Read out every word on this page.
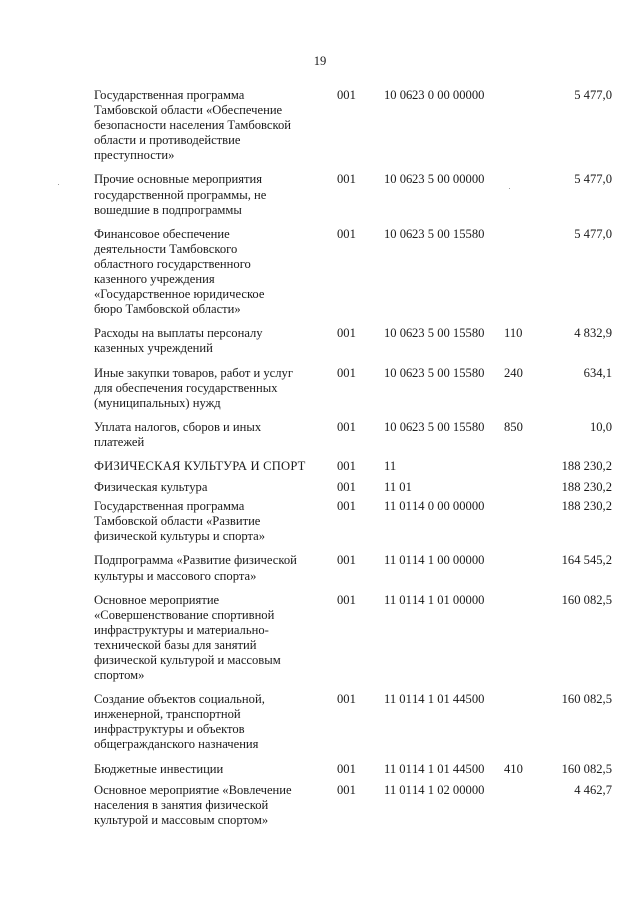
19
Государственная программа
Тамбовской области «Обеспечение
безопасности населения Тамбовской
области и противодействие
преступности»
001 10 06 23 0 00 00000	5 477,0
Прочие основные мероприятия
государственной программы, не
вошедшие в подпрограммы
001 10 06 23 5 00 00000	5 477,0
Финансовое обеспечение
деятельности Тамбовского
областного государственного
казенного учреждения
«Государственное юридическое
бюро Тамбовской области»
001 10 06 23 5 00 15580	5 477,0
Расходы на выплаты персоналу
казенных учреждений
001 10 06 23 5 00 15580 110	4 832,9
Иные закупки товаров, работ и услуг
для обеспечения государственных
(муниципальных) нужд
001 10 06 23 5 00 15580 240	634,1
Уплата налогов, сборов и иных
платежей
001 10 06 23 5 00 15580 850	10,0
ФИЗИЧЕСКАЯ КУЛЬТУРА И СПОРТ	001 11	188 230,2
Физическая культура	001 11 01	188 230,2
Государственная программа
Тамбовской области «Развитие
физической культуры и спорта»
001 11 01 14 0 00 00000	188 230,2
Подпрограмма «Развитие физической
культуры и массового спорта»
001 11 01 14 1 00 00000	164 545,2
Основное мероприятие
«Совершенствование спортивной
инфраструктуры и материально-
технической базы для занятий
физической культурой и массовым
спортом»
001 11 01 14 1 01 00000	160 082,5
Создание объектов социальной,
инженерной, транспортной
инфраструктуры и объектов
общегражданского назначения
001 11 01 14 1 01 44500	160 082,5
Бюджетные инвестиции	001 11 01 14 1 01 44500 410	160 082,5
Основное мероприятие «Вовлечение
населения в занятия физической
культурой и массовым спортом»
001 11 01 14 1 02 00000	4 462,7
